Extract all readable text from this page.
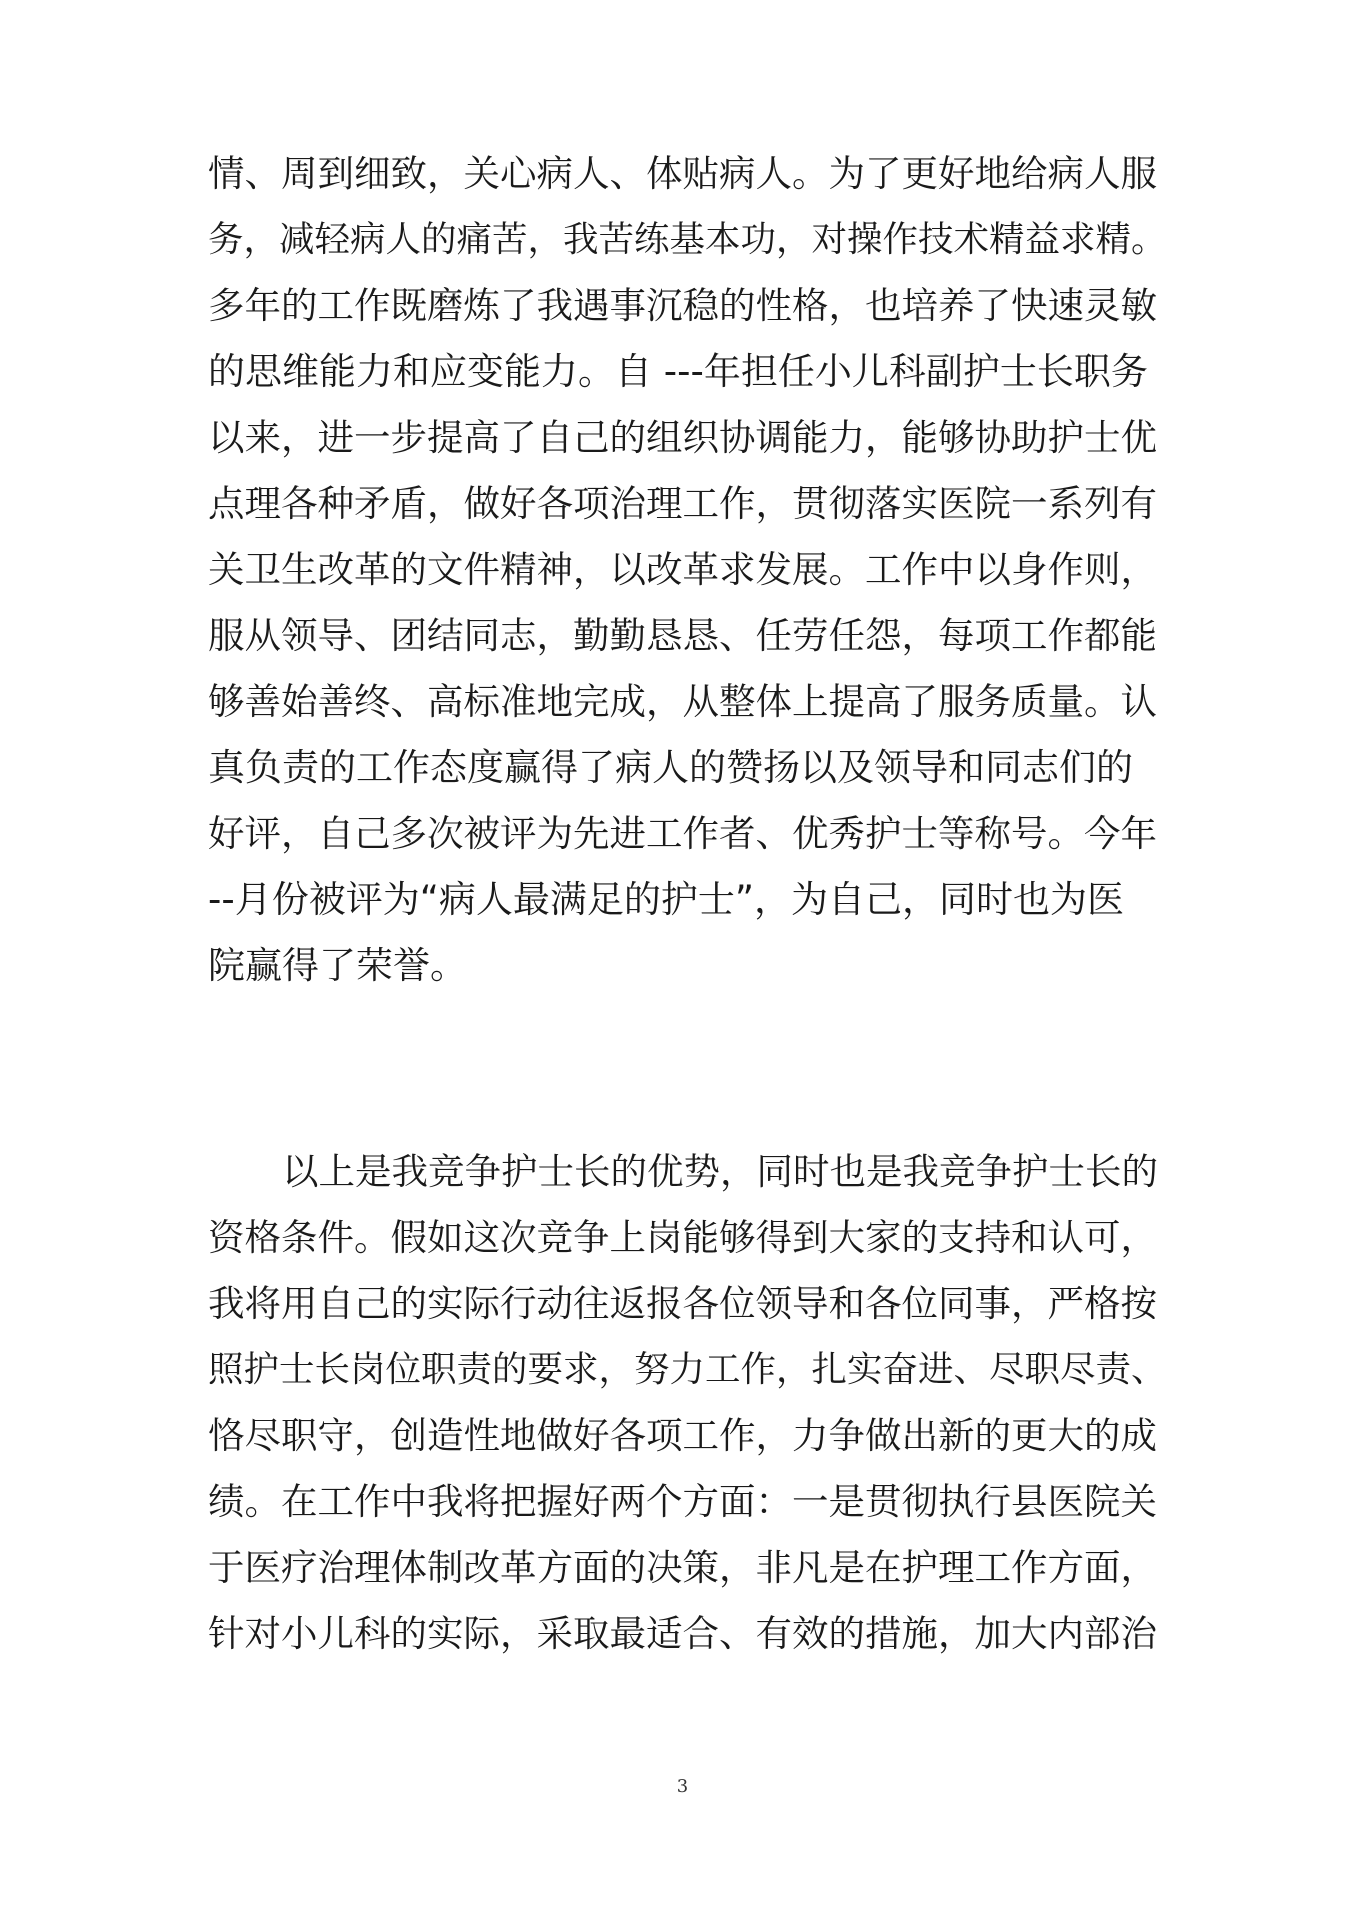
情、周到细致，关心病人、体贴病人。为了更好地给病人服
务，减轻病人的痛苦，我苦练基本功，对操作技术精益求精。
多年的工作既磨炼了我遇事沉稳的性格，也培养了快速灵敏
的思维能力和应变能力。自 ---年担任小儿科副护士长职务
以来，进一步提高了自己的组织协调能力，能够协助护士优
点理各种矛盾，做好各项治理工作，贯彻落实医院一系列有
关卫生改革的文件精神，以改革求发展。工作中以身作则，
服从领导、团结同志，勤勤恳恳、任劳任怨，每项工作都能
够善始善终、高标准地完成，从整体上提高了服务质量。认
真负责的工作态度赢得了病人的赞扬以及领导和同志们的
好评，自己多次被评为先进工作者、优秀护士等称号。今年
--月份被评为“病人最满足的护士”，为自己，同时也为医
院赢得了荣誉。
以上是我竞争护士长的优势，同时也是我竞争护士长的
资格条件。假如这次竞争上岗能够得到大家的支持和认可，
我将用自己的实际行动往返报各位领导和各位同事，严格按
照护士长岗位职责的要求，努力工作，扎实奋进、尽职尽责、
恪尽职守，创造性地做好各项工作，力争做出新的更大的成
绩。在工作中我将把握好两个方面：一是贯彻执行县医院关
于医疗治理体制改革方面的决策，非凡是在护理工作方面，
针对小儿科的实际，采取最适合、有效的措施，加大内部治
3
